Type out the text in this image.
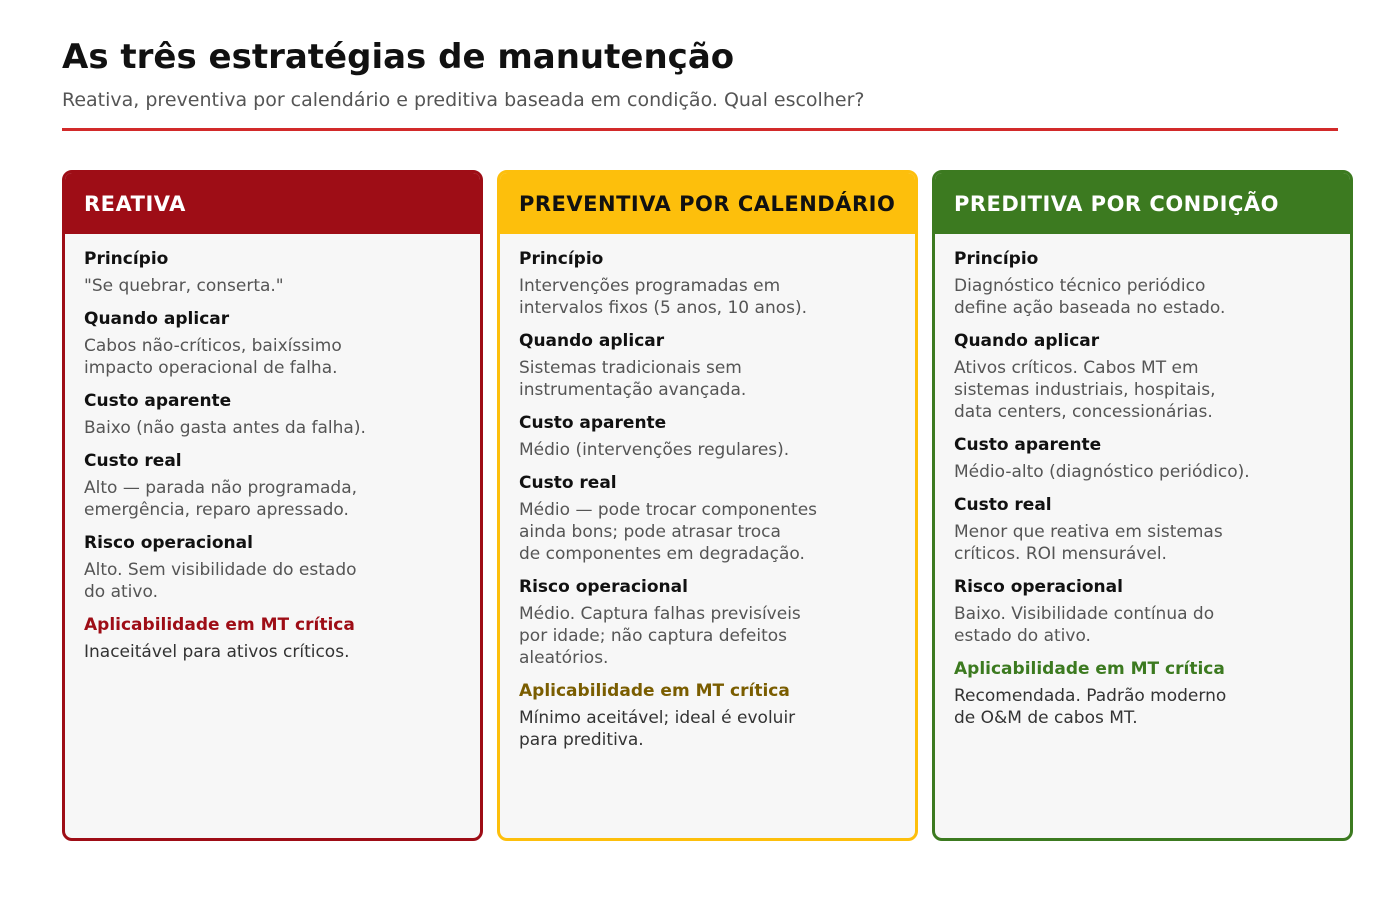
As três estratégias de manutenção
Reativa, preventiva por calendário e preditiva baseada em condição. Qual escolher?
REATIVA
Princípio
"Se quebrar, conserta."
Quando aplicar
Cabos não-críticos, baixíssimo
impacto operacional de falha.
Custo aparente
Baixo (não gasta antes da falha).
Custo real
Alto — parada não programada,
emergência, reparo apressado.
Risco operacional
Alto. Sem visibilidade do estado
do ativo.
Aplicabilidade em MT crítica
Inaceitável para ativos críticos.
PREVENTIVA POR CALENDÁRIO
Princípio
Intervenções programadas em
intervalos fixos (5 anos, 10 anos).
Quando aplicar
Sistemas tradicionais sem
instrumentação avançada.
Custo aparente
Médio (intervenções regulares).
Custo real
Médio — pode trocar componentes
ainda bons; pode atrasar troca
de componentes em degradação.
Risco operacional
Médio. Captura falhas previsíveis
por idade; não captura defeitos
aleatórios.
Aplicabilidade em MT crítica
Mínimo aceitável; ideal é evoluir
para preditiva.
PREDITIVA POR CONDIÇÃO
Princípio
Diagnóstico técnico periódico
define ação baseada no estado.
Quando aplicar
Ativos críticos. Cabos MT em
sistemas industriais, hospitais,
data centers, concessionárias.
Custo aparente
Médio-alto (diagnóstico periódico).
Custo real
Menor que reativa em sistemas
críticos. ROI mensurável.
Risco operacional
Baixo. Visibilidade contínua do
estado do ativo.
Aplicabilidade em MT crítica
Recomendada. Padrão moderno
de O&M de cabos MT.
